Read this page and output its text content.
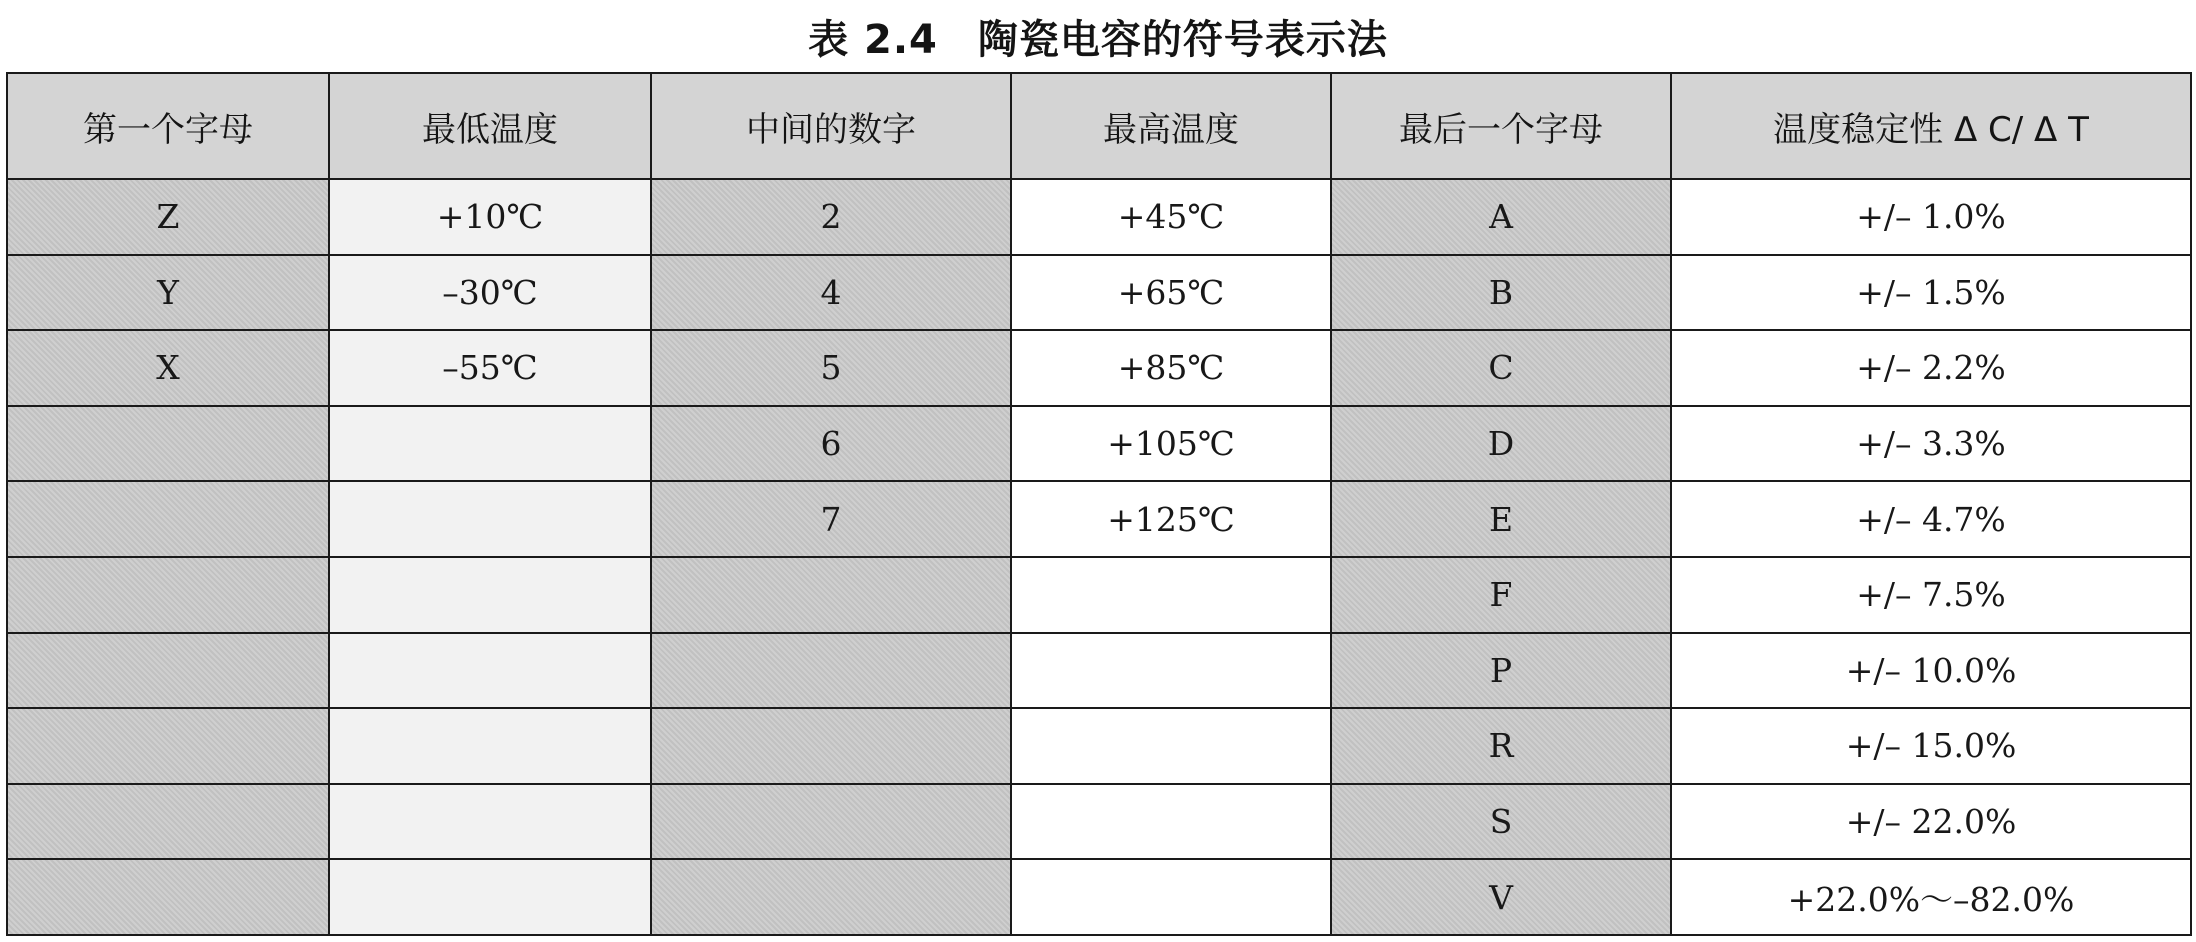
表 2.4 陶瓷电容的符号表示法
第一个字母	最低温度	中间的数字	最高温度	最后一个字母	温度稳定性 Δ C/ Δ T
Z	+10℃	2	+45℃	A	+/– 1.0%
Y	–30℃	4	+65℃	B	+/– 1.5%
X	–55℃	5	+85℃	C	+/– 2.2%
		6	+105℃	D	+/– 3.3%
		7	+125℃	E	+/– 4.7%
				F	+/– 7.5%
				P	+/– 10.0%
				R	+/– 15.0%
				S	+/– 22.0%
				V	+22.0%～–82.0%
